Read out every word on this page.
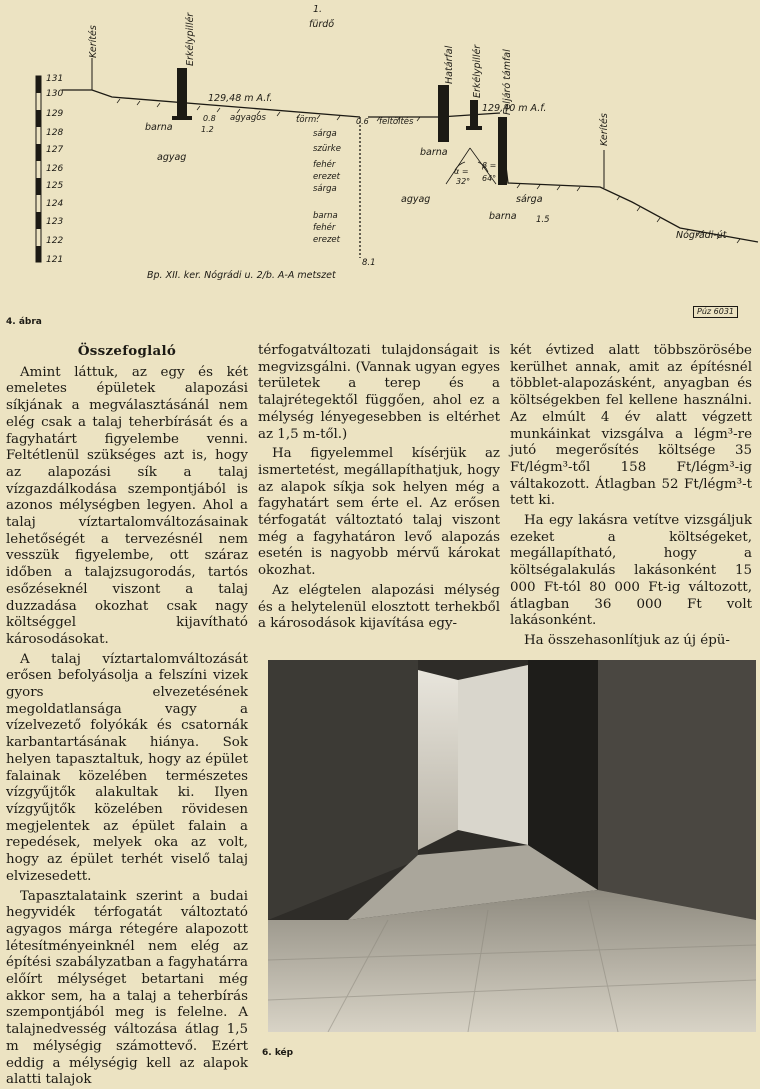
131
130
129
128
127
126
125
124
123
122
121
1.
fürdő
Kerítés	Erkélypillér	Határfal Erkélypillér Feljáró támfal
Kerítés
129,48 m A.f.
129,40 m A.f.
barna
0.8
1.2
agyagos	törm.	0.6 feltöltés
barna
agyag
agyag
sárga
szürke
fehér
erezet
sárga
barna
fehér
erezet
8.1
α =
32°
β =
64°
sárga
barna 1.5
Nógrádi-út
Bp. XII. ker. Nógrádi u. 2/b. A-A metszet
4. ábra
Púz 6031
Összefoglaló

Amint láttuk, az egy és két emeletes épületek alapozási síkjának a megválasztásánál nem elég csak a talaj teherbírását és a fagyhatárt figyelembe venni. Feltétlenül szükséges azt is, hogy az alapozási sík a talaj vízgazdálkodása szempontjából is azonos mélységben legyen. Ahol a talaj víztartalomváltozásainak lehetőségét a tervezésnél nem vesszük figyelembe, ott száraz időben a talajzsugorodás, tartós esőzéseknél viszont a talaj duzzadása okozhat csak nagy költséggel kijavítható károsodásokat.

A talaj víztartalomváltozását erősen befolyásolja a felszíni vizek gyors elvezetésének megoldatlansága vagy a vízelvezető folyókák és csatornák karbantartásának hiánya. Sok helyen tapasztaltuk, hogy az épület falainak közelében természetes vízgyűjtők alakultak ki. Ilyen vízgyűjtők közelében rövidesen megjelentek az épület falain a repedések, melyek oka az volt, hogy az épület terhét viselő talaj elvizesedett.

Tapasztalataink szerint a budai hegyvidék térfogatát változtató agyagos márga rétegére alapozott létesítményeinknél nem elég az építési szabályzatban a fagyhatárra előírt mélységet betartani még akkor sem, ha a talaj a teherbírás szempontjából meg is felelne. A talajnedvesség változása átlag 1,5 m mélységig számottevő. Ezért eddig a mélységig kell az alapok alatti talajok

térfogatváltozati tulajdonságait is megvizsgálni. (Vannak ugyan egyes területek a terep és a talajrétegektől függően, ahol ez a mélység lényegesebben is eltérhet az 1,5 m-től.)

Ha figyelemmel kísérjük az ismertetést, megállapíthatjuk, hogy az alapok síkja sok helyen még a fagyhatárt sem érte el. Az erősen térfogatát változtató talaj viszont még a fagyhatáron levő alapozás esetén is nagyobb mérvű károkat okozhat.

Az elégtelen alapozási mélység és a helytelenül elosztott terhekből a károsodások kijavítása egy-

két évtized alatt többszörösébe kerülhet annak, amit az építésnél többlet-alapozásként, anyagban és költségekben fel kellene használni. Az elmúlt 4 év alatt végzett munkáinkat vizsgálva a légm³-re jutó megerősítés költsége 35 Ft/légm³-től 158 Ft/légm³-ig váltakozott. Átlagban 52 Ft/légm³-t tett ki.

Ha egy lakásra vetítve vizsgáljuk ezeket a költségeket, megállapítható, hogy a költségalakulás lakásonként 15 000 Ft-tól 80 000 Ft-ig változott, átlagban 36 000 Ft volt lakásonként.

Ha összehasonlítjuk az új épü-

6. kép
